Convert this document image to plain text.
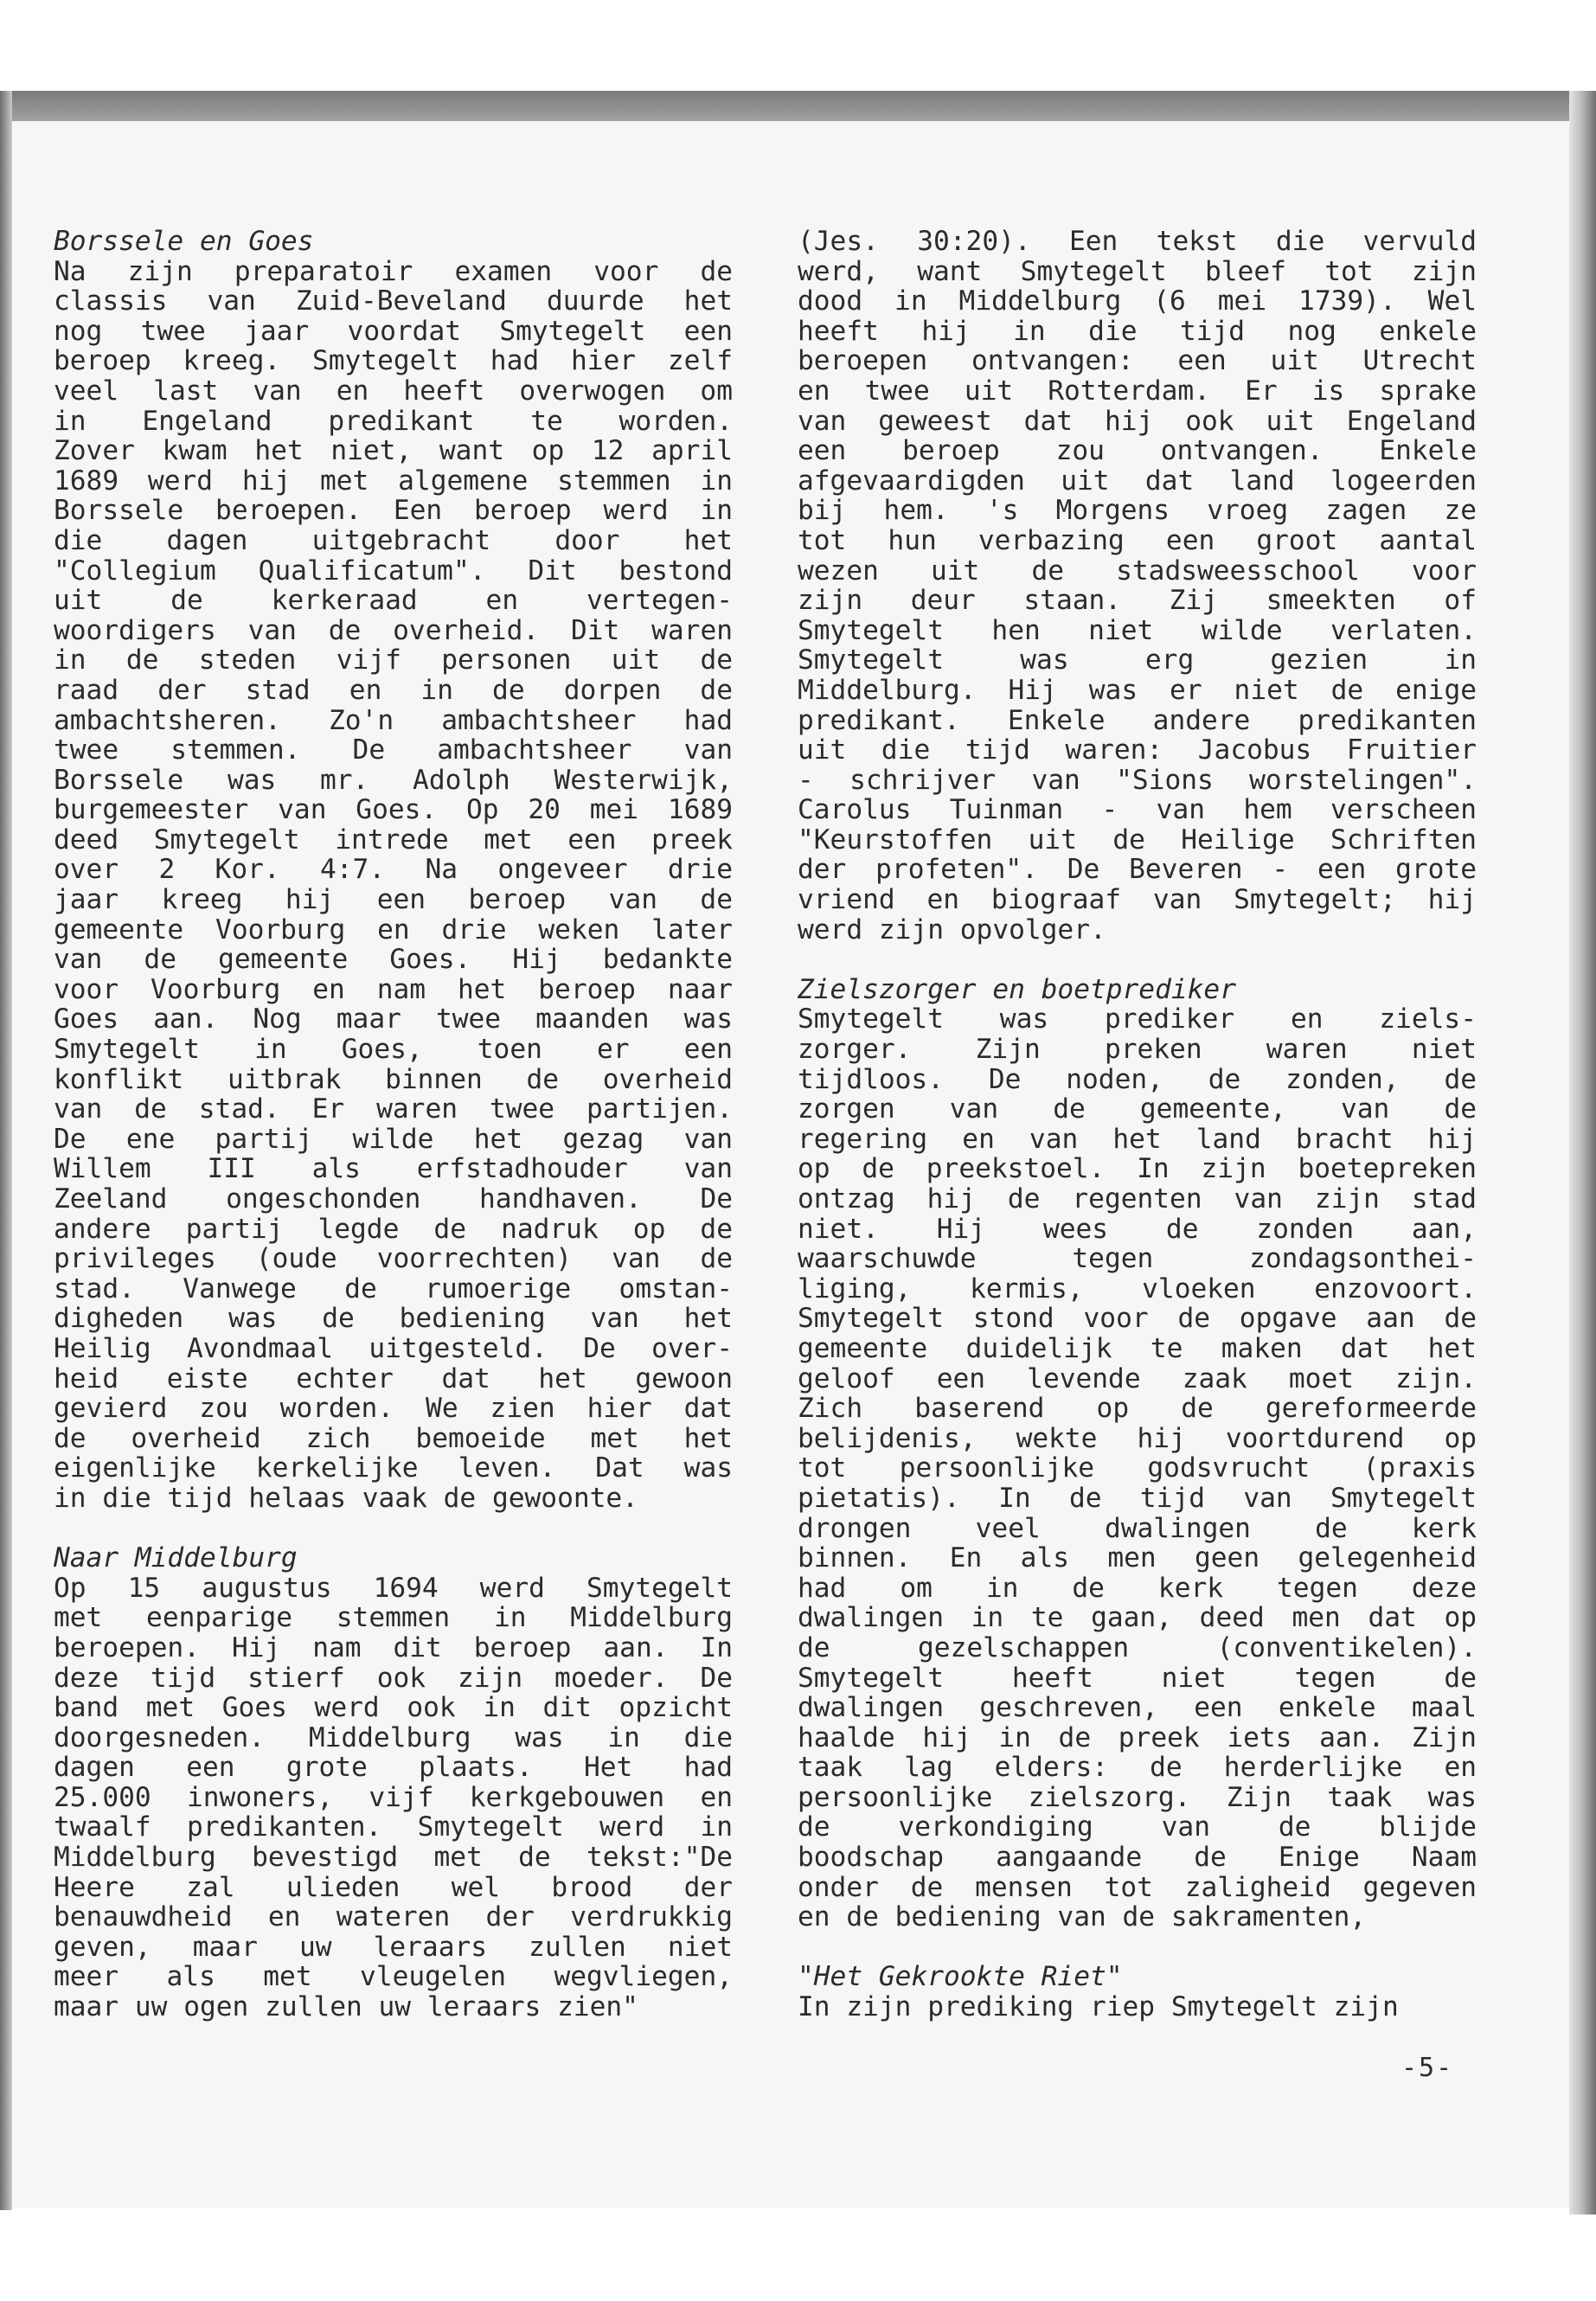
Borssele en Goes
Na zijn preparatoir examen voor de
classis van Zuid-Beveland duurde het
nog twee jaar voordat Smytegelt een
beroep kreeg. Smytegelt had hier zelf
veel last van en heeft overwogen om
in Engeland predikant te worden.
Zover kwam het niet, want op 12 april
1689 werd hij met algemene stemmen in
Borssele beroepen. Een beroep werd in
die dagen uitgebracht door het
"Collegium Qualificatum". Dit bestond
uit de kerkeraad en vertegen-
woordigers van de overheid. Dit waren
in de steden vijf personen uit de
raad der stad en in de dorpen de
ambachtsheren. Zo'n ambachtsheer had
twee stemmen. De ambachtsheer van
Borssele was mr. Adolph Westerwijk,
burgemeester van Goes. Op 20 mei 1689
deed Smytegelt intrede met een preek
over 2 Kor. 4:7. Na ongeveer drie
jaar kreeg hij een beroep van de
gemeente Voorburg en drie weken later
van de gemeente Goes. Hij bedankte
voor Voorburg en nam het beroep naar
Goes aan. Nog maar twee maanden was
Smytegelt in Goes, toen er een
konflikt uitbrak binnen de overheid
van de stad. Er waren twee partijen.
De ene partij wilde het gezag van
Willem III als erfstadhouder van
Zeeland ongeschonden handhaven. De
andere partij legde de nadruk op de
privileges (oude voorrechten) van de
stad. Vanwege de rumoerige omstan-
digheden was de bediening van het
Heilig Avondmaal uitgesteld. De over-
heid eiste echter dat het gewoon
gevierd zou worden. We zien hier dat
de overheid zich bemoeide met het
eigenlijke kerkelijke leven. Dat was
in die tijd helaas vaak de gewoonte.
Naar Middelburg
Op 15 augustus 1694 werd Smytegelt
met eenparige stemmen in Middelburg
beroepen. Hij nam dit beroep aan. In
deze tijd stierf ook zijn moeder. De
band met Goes werd ook in dit opzicht
doorgesneden. Middelburg was in die
dagen een grote plaats. Het had
25.000 inwoners, vijf kerkgebouwen en
twaalf predikanten. Smytegelt werd in
Middelburg bevestigd met de tekst:"De
Heere zal ulieden wel brood der
benauwdheid en wateren der verdrukkig
geven, maar uw leraars zullen niet
meer als met vleugelen wegvliegen,
maar uw ogen zullen uw leraars zien"
(Jes. 30:20). Een tekst die vervuld
werd, want Smytegelt bleef tot zijn
dood in Middelburg (6 mei 1739). Wel
heeft hij in die tijd nog enkele
beroepen ontvangen: een uit Utrecht
en twee uit Rotterdam. Er is sprake
van geweest dat hij ook uit Engeland
een beroep zou ontvangen. Enkele
afgevaardigden uit dat land logeerden
bij hem. 's Morgens vroeg zagen ze
tot hun verbazing een groot aantal
wezen uit de stadsweesschool voor
zijn deur staan. Zij smeekten of
Smytegelt hen niet wilde verlaten.
Smytegelt was erg gezien in
Middelburg. Hij was er niet de enige
predikant. Enkele andere predikanten
uit die tijd waren: Jacobus Fruitier
- schrijver van "Sions worstelingen".
Carolus Tuinman - van hem verscheen
"Keurstoffen uit de Heilige Schriften
der profeten". De Beveren - een grote
vriend en biograaf van Smytegelt; hij
werd zijn opvolger.
Zielszorger en boetprediker
Smytegelt was prediker en ziels-
zorger. Zijn preken waren niet
tijdloos. De noden, de zonden, de
zorgen van de gemeente, van de
regering en van het land bracht hij
op de preekstoel. In zijn boetepreken
ontzag hij de regenten van zijn stad
niet. Hij wees de zonden aan,
waarschuwde tegen zondagsonthei-
liging, kermis, vloeken enzovoort.
Smytegelt stond voor de opgave aan de
gemeente duidelijk te maken dat het
geloof een levende zaak moet zijn.
Zich baserend op de gereformeerde
belijdenis, wekte hij voortdurend op
tot persoonlijke godsvrucht (praxis
pietatis). In de tijd van Smytegelt
drongen veel dwalingen de kerk
binnen. En als men geen gelegenheid
had om in de kerk tegen deze
dwalingen in te gaan, deed men dat op
de gezelschappen (conventikelen).
Smytegelt heeft niet tegen de
dwalingen geschreven, een enkele maal
haalde hij in de preek iets aan. Zijn
taak lag elders: de herderlijke en
persoonlijke zielszorg. Zijn taak was
de verkondiging van de blijde
boodschap aangaande de Enige Naam
onder de mensen tot zaligheid gegeven
en de bediening van de sakramenten,
"Het Gekrookte Riet"
In zijn prediking riep Smytegelt zijn
-5-
